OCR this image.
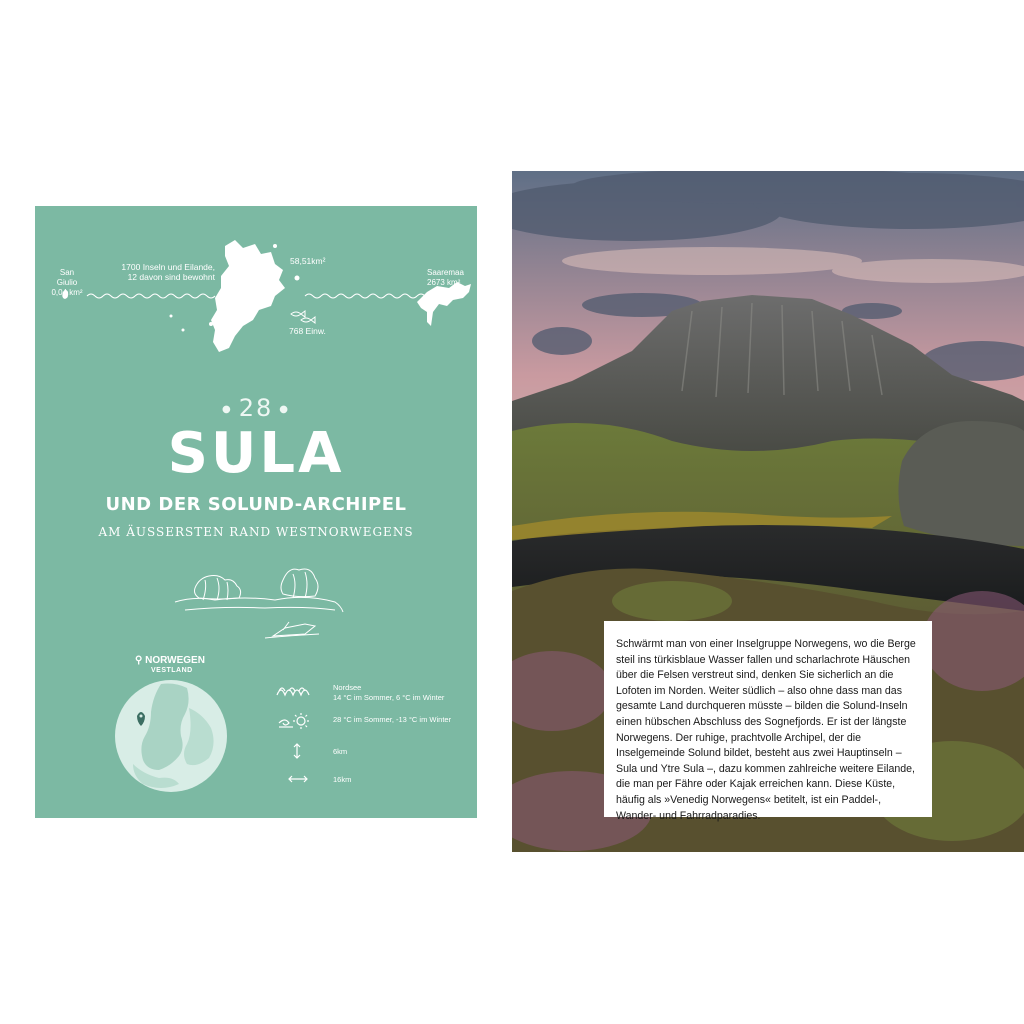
San Giulio
0,04 km²
1700 Inseln und Eilande,
12 davon sind bewohnt
58,51km²
768 Einw.
Saaremaa
2673 km²
● 28 ●
SULA
UND DER SOLUND-ARCHIPEL
AM ÄUSSERSTEN RAND WESTNORWEGENS
⚲ NORWEGEN
VESTLAND
Nordsee
14 °C im Sommer, 6 °C im Winter
28 °C im Sommer, -13 °C im Winter
6km
16km

Schwärmt man von einer Inselgruppe Norwegens, wo die Berge steil ins türkisblaue Wasser fallen und scharlachrote Häuschen über die Felsen verstreut sind, denken Sie sicherlich an die Lofoten im Norden. Weiter südlich – also ohne dass man das gesamte Land durchqueren müsste – bilden die Solund-Inseln einen hübschen Abschluss des Sognefjords. Er ist der längste Norwegens. Der ruhige, prachtvolle Archipel, der die Inselgemeinde Solund bildet, besteht aus zwei Hauptinseln – Sula und Ytre Sula –, dazu kommen zahlreiche weitere Eilande, die man per Fähre oder Kajak erreichen kann. Diese Küste, häufig als »Venedig Norwegens« betitelt, ist ein Paddel-, Wander- und Fahrradparadies.
